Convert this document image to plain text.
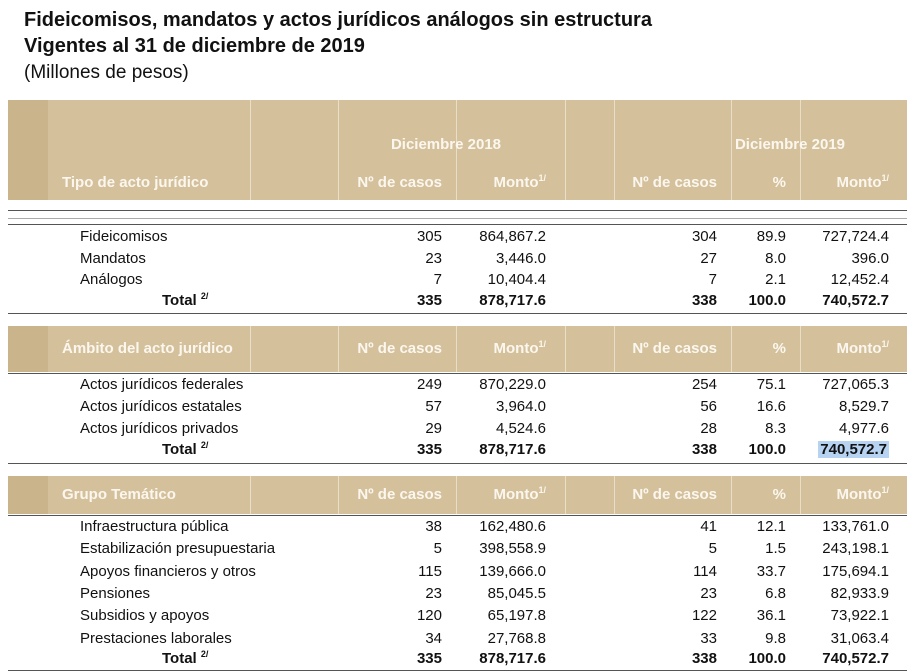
Fideicomisos, mandatos y actos jurídicos análogos sin estructura
Vigentes al 31 de diciembre de 2019
(Millones de pesos)
Diciembre 2018	Diciembre 2019
Tipo de acto jurídico	Nº de casos	Monto$^{1/}$	Nº de casos	%	Monto$^{1/}$
Fideicomisos	305	864,867.2	304	89.9	727,724.4
Mandatos	23	3,446.0	27	8.0	396.0
Análogos	7	10,404.4	7	2.1	12,452.4
Total $^{2/}$	335	878,717.6	338	100.0	740,572.7
Ámbito del acto jurídico	Nº de casos	Monto$^{1/}$	Nº de casos	%	Monto$^{1/}$
Actos jurídicos federales	249	870,229.0	254	75.1	727,065.3
Actos jurídicos estatales	57	3,964.0	56	16.6	8,529.7
Actos jurídicos privados	29	4,524.6	28	8.3	4,977.6
Total $^{2/}$	335	878,717.6	338	100.0	740,572.7
Grupo Temático	Nº de casos	Monto$^{1/}$	Nº de casos	%	Monto$^{1/}$
Infraestructura pública	38	162,480.6	41	12.1	133,761.0
Estabilización presupuestaria	5	398,558.9	5	1.5	243,198.1
Apoyos financieros y otros	115	139,666.0	114	33.7	175,694.1
Pensiones	23	85,045.5	23	6.8	82,933.9
Subsidios y apoyos	120	65,197.8	122	36.1	73,922.1
Prestaciones laborales	34	27,768.8	33	9.8	31,063.4
Total $^{2/}$	335	878,717.6	338	100.0	740,572.7
